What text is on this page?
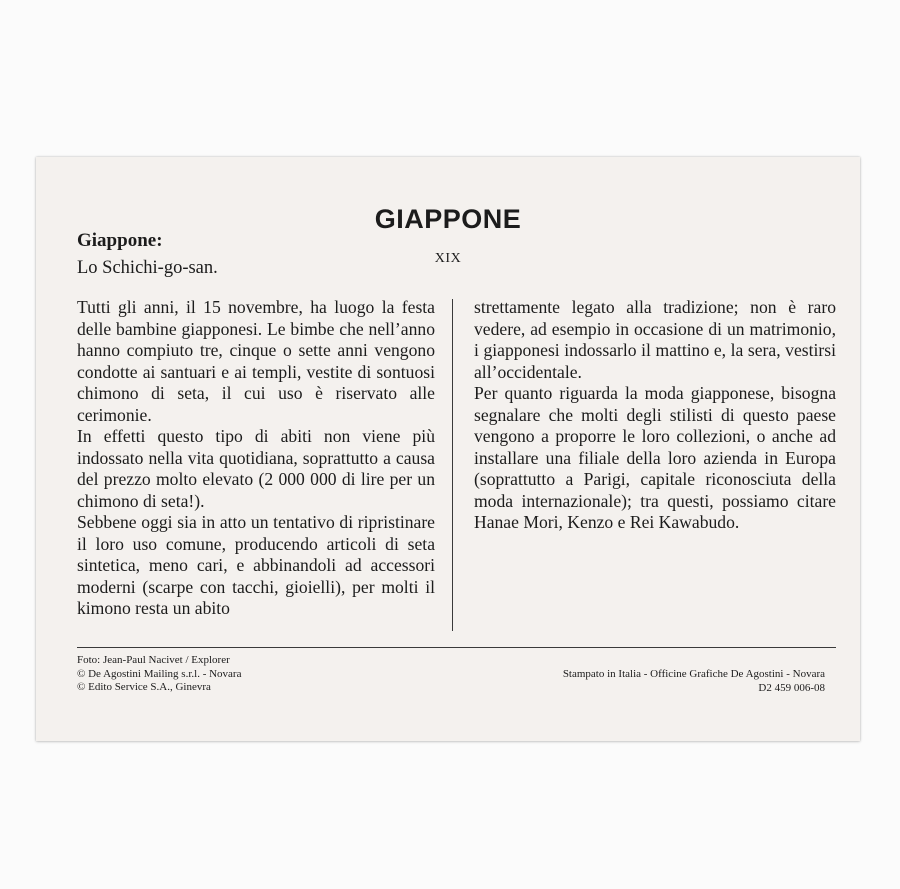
GIAPPONE
XIX
Giappone:
Lo Schichi-go-san.

Tutti gli anni, il 15 novembre, ha luogo la festa delle bambine giapponesi. Le bimbe che nell’anno hanno compiuto tre, cinque o sette anni vengono condotte ai santuari e ai templi, vestite di sontuosi chimono di seta, il cui uso è riservato alle cerimonie.

In effetti questo tipo di abiti non viene più indossato nella vita quotidiana, soprattutto a causa del prezzo molto elevato (2 000 000 di lire per un chimono di seta!).

Sebbene oggi sia in atto un tentativo di ripristinare il loro uso comune, producendo articoli di seta sintetica, meno cari, e abbinandoli ad accessori moderni (scarpe con tacchi, gioielli), per molti il kimono resta un abito

strettamente legato alla tradizione; non è raro vedere, ad esempio in occasione di un matrimonio, i giapponesi indossarlo il mattino e, la sera, vestirsi all’occidentale.

Per quanto riguarda la moda giapponese, bisogna segnalare che molti degli stilisti di questo paese vengono a proporre le loro collezioni, o anche ad installare una filiale della loro azienda in Europa (soprattutto a Parigi, capitale riconosciuta della moda internazionale); tra questi, possiamo citare Hanae Mori, Kenzo e Rei Kawabudo.

Foto: Jean-Paul Nacivet / Explorer
© De Agostini Mailing s.r.l. - Novara
© Edito Service S.A., Ginevra
Stampato in Italia - Officine Grafiche De Agostini - Novara
D2 459 006-08
